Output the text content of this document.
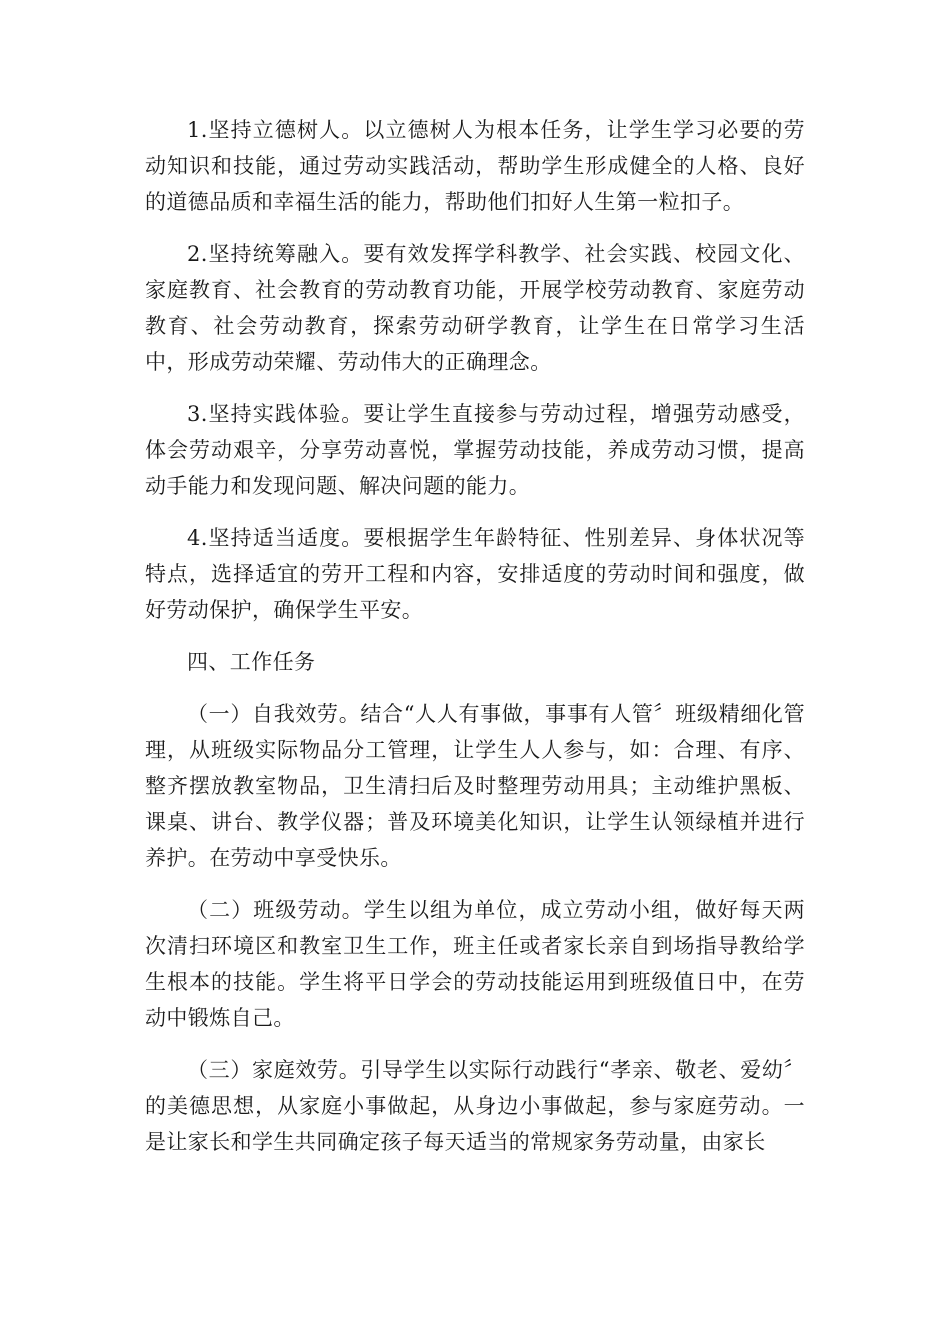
1.坚持立德树人。以立德树人为根本任务，让学生学习必要的劳动知识和技能，通过劳动实践活动，帮助学生形成健全的人格、良好的道德品质和幸福生活的能力，帮助他们扣好人生第一粒扣子。

2.坚持统筹融入。要有效发挥学科教学、社会实践、校园文化、家庭教育、社会教育的劳动教育功能，开展学校劳动教育、家庭劳动教育、社会劳动教育，探索劳动研学教育，让学生在日常学习生活中，形成劳动荣耀、劳动伟大的正确理念。

3.坚持实践体验。要让学生直接参与劳动过程，增强劳动感受，体会劳动艰辛，分享劳动喜悦，掌握劳动技能，养成劳动习惯，提高动手能力和发现问题、解决问题的能力。

4.坚持适当适度。要根据学生年龄特征、性别差异、身体状况等特点，选择适宜的劳开工程和内容，安排适度的劳动时间和强度，做好劳动保护，确保学生平安。

四、工作任务

（一）自我效劳。结合“人人有事做，事事有人管〞班级精细化管理，从班级实际物品分工管理，让学生人人参与，如：合理、有序、整齐摆放教室物品，卫生清扫后及时整理劳动用具；主动维护黑板、课桌、讲台、教学仪器；普及环境美化知识，让学生认领绿植并进行养护。在劳动中享受快乐。

（二）班级劳动。学生以组为单位，成立劳动小组，做好每天两次清扫环境区和教室卫生工作，班主任或者家长亲自到场指导教给学生根本的技能。学生将平日学会的劳动技能运用到班级值日中，在劳动中锻炼自己。

（三）家庭效劳。引导学生以实际行动践行“孝亲、敬老、爱幼〞的美德思想，从家庭小事做起，从身边小事做起，参与家庭劳动。一是让家长和学生共同确定孩子每天适当的常规家务劳动量，由家长
